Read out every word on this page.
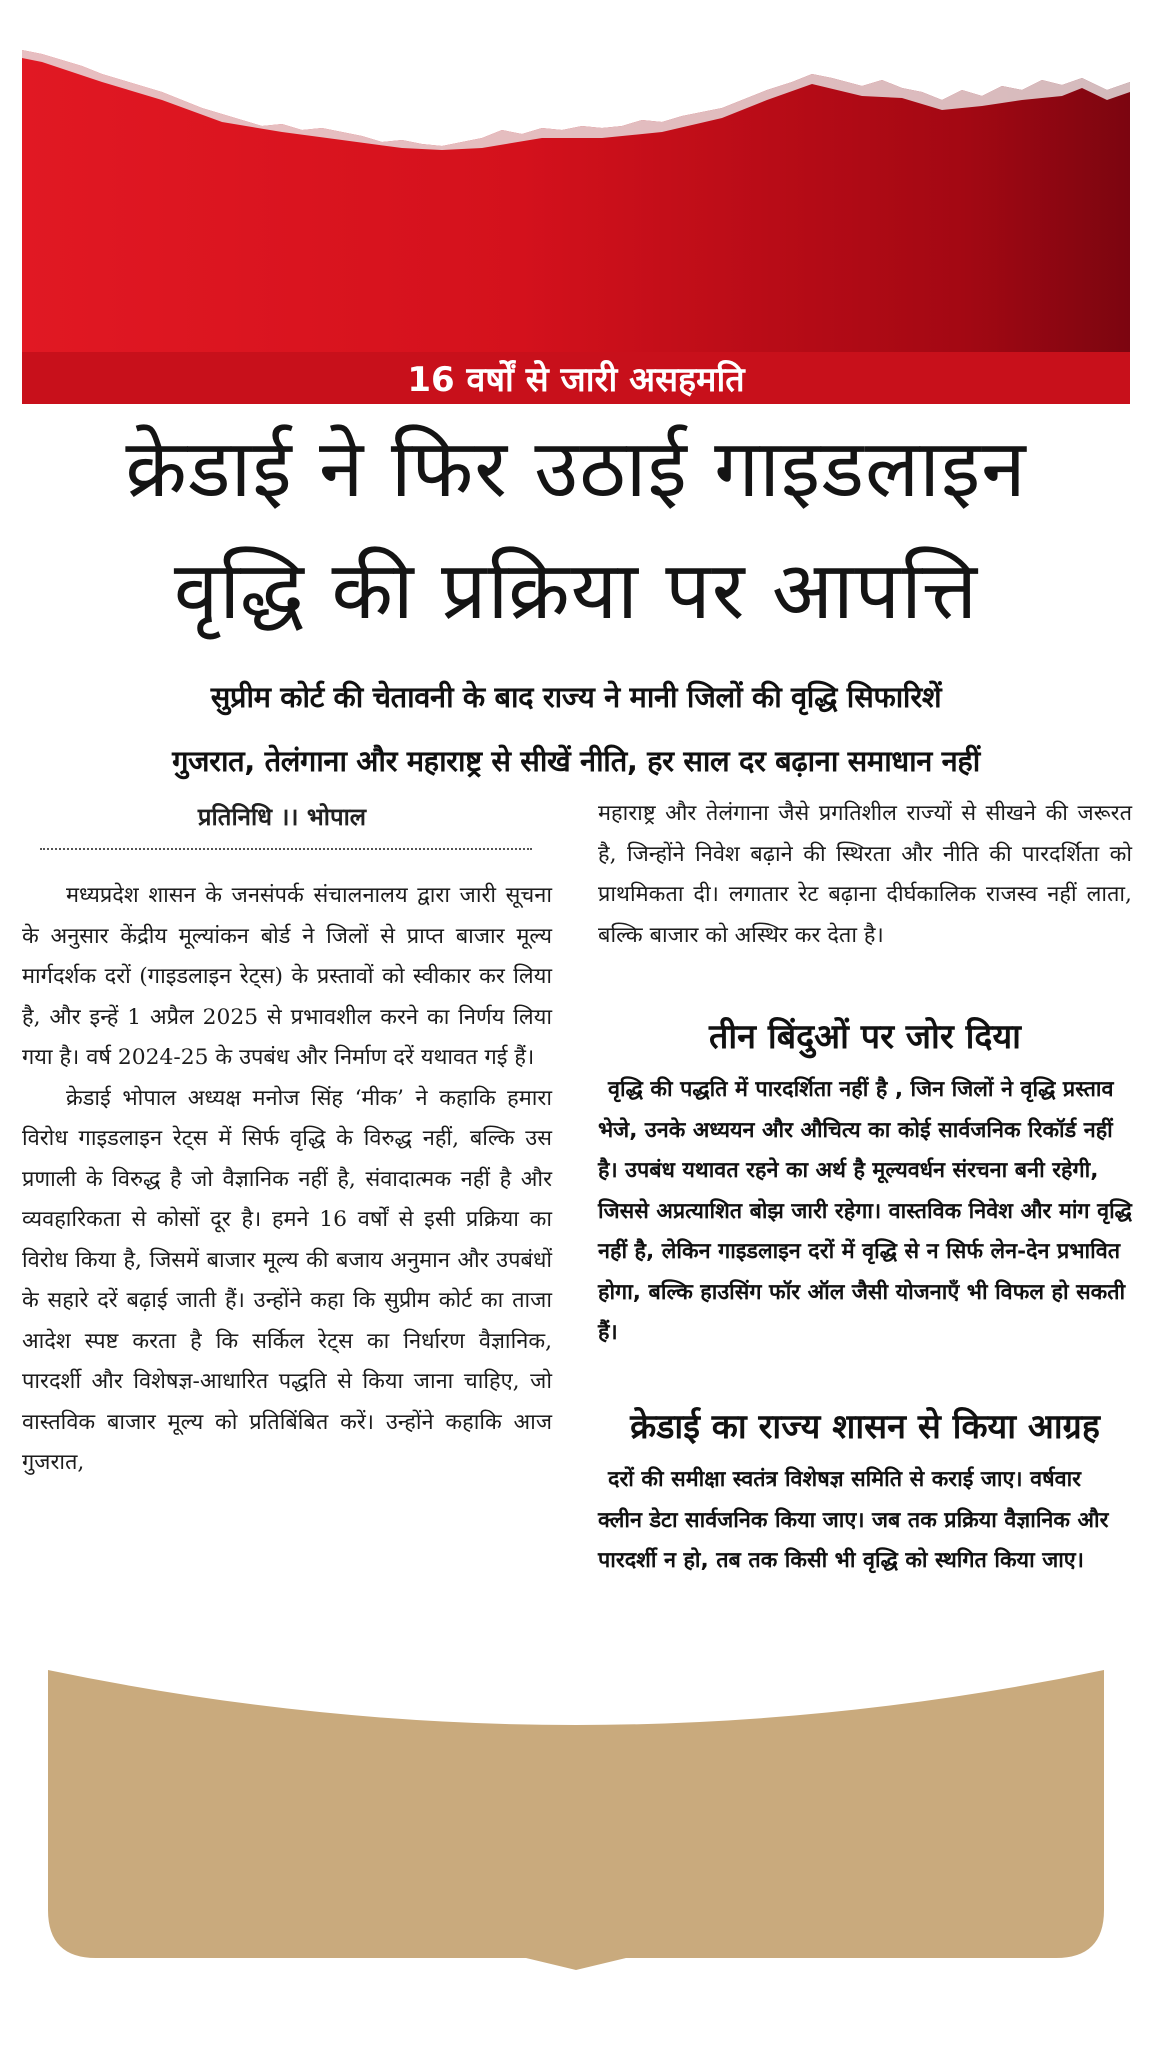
16 वर्षों से जारी असहमति
क्रेडाई ने फिर उठाई गाइडलाइन
वृद्धि की प्रक्रिया पर आपत्ति
सुप्रीम कोर्ट की चेतावनी के बाद राज्य ने मानी जिलों की वृद्धि सिफारिशें
गुजरात, तेलंगाना और महाराष्ट्र से सीखें नीति, हर साल दर बढ़ाना समाधान नहीं
प्रतिनिधि ।। भोपाल

मध्यप्रदेश शासन के जनसंपर्क संचालनालय द्वारा जारी सूचना के अनुसार केंद्रीय मूल्यांकन बोर्ड ने जिलों से प्राप्त बाजार मूल्य मार्गदर्शक दरों (गाइडलाइन रेट्स) के प्रस्तावों को स्वीकार कर लिया है, और इन्हें 1 अप्रैल 2025 से प्रभावशील करने का निर्णय लिया गया है। वर्ष 2024-25 के उपबंध और निर्माण दरें यथावत गई हैं।

क्रेडाई भोपाल अध्यक्ष मनोज सिंह ‘मीक’ ने कहाकि हमारा विरोध गाइडलाइन रेट्स में सिर्फ वृद्धि के विरुद्ध नहीं, बल्कि उस प्रणाली के विरुद्ध है जो वैज्ञानिक नहीं है, संवादात्मक नहीं है और व्यवहारिकता से कोसों दूर है। हमने 16 वर्षों से इसी प्रक्रिया का विरोध किया है, जिसमें बाजार मूल्य की बजाय अनुमान और उपबंधों के सहारे दरें बढ़ाई जाती हैं। उन्होंने कहा कि सुप्रीम कोर्ट का ताजा आदेश स्पष्ट करता है कि सर्किल रेट्स का निर्धारण वैज्ञानिक, पारदर्शी और विशेषज्ञ-आधारित पद्धति से किया जाना चाहिए, जो वास्तविक बाजार मूल्य को प्रतिबिंबित करें। उन्होंने कहाकि आज गुजरात,

महाराष्ट्र और तेलंगाना जैसे प्रगतिशील राज्यों से सीखने की जरूरत है, जिन्होंने निवेश बढ़ाने की स्थिरता और नीति की पारदर्शिता को प्राथमिकता दी। लगातार रेट बढ़ाना दीर्घकालिक राजस्व नहीं लाता, बल्कि बाजार को अस्थिर कर देता है।

तीन बिंदुओं पर जोर दिया
वृद्धि की पद्धति में पारदर्शिता नहीं है , जिन जिलों ने वृद्धि प्रस्ताव भेजे, उनके अध्ययन और औचित्य का कोई सार्वजनिक रिकॉर्ड नहीं है। उपबंध यथावत रहने का अर्थ है मूल्यवर्धन संरचना बनी रहेगी, जिससे अप्रत्याशित बोझ जारी रहेगा। वास्तविक निवेश और मांग वृद्धि नहीं है, लेकिन गाइडलाइन दरों में वृद्धि से न सिर्फ लेन-देन प्रभावित होगा, बल्कि हाउसिंग फॉर ऑल जैसी योजनाएँ भी विफल हो सकती हैं।
क्रेडाई का राज्य शासन से किया आग्रह
दरों की समीक्षा स्वतंत्र विशेषज्ञ समिति से कराई जाए। वर्षवार क्लीन डेटा सार्वजनिक किया जाए। जब तक प्रक्रिया वैज्ञानिक और पारदर्शी न हो, तब तक किसी भी वृद्धि को स्थगित किया जाए।
